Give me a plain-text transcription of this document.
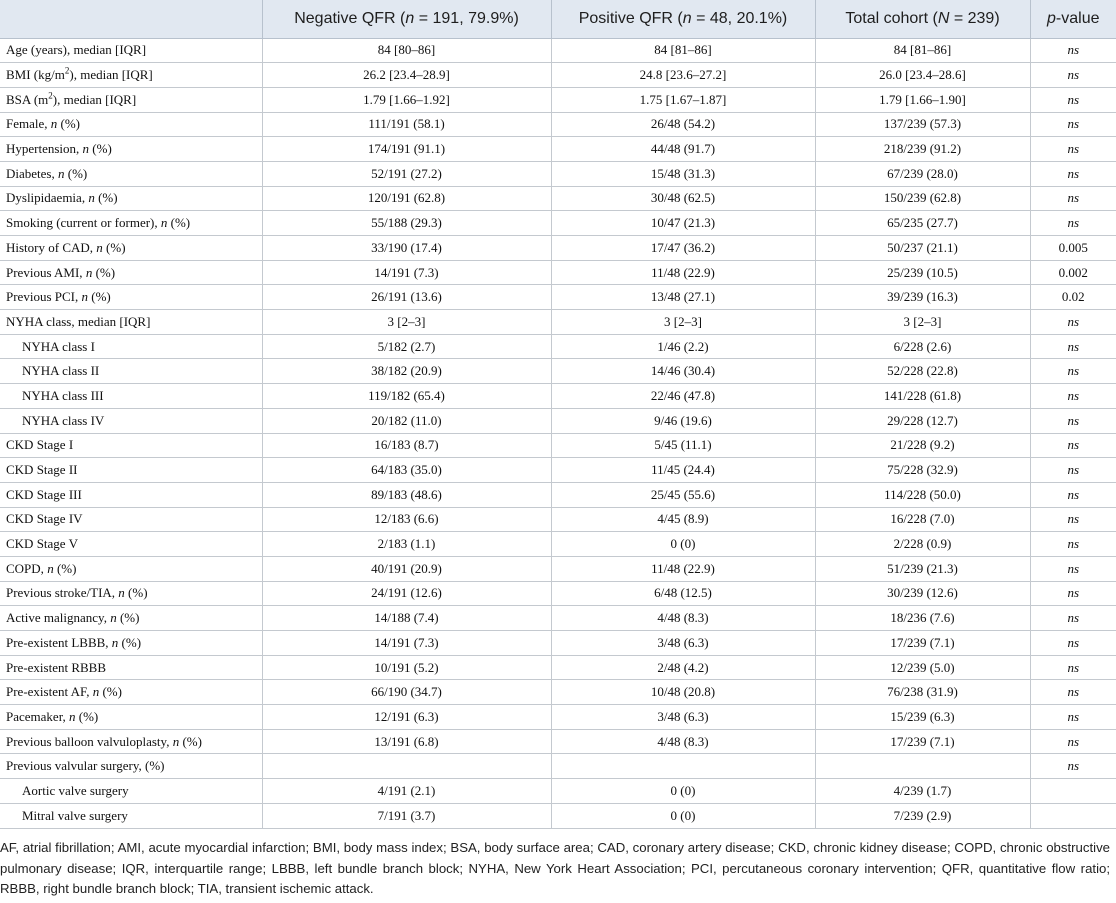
	Negative QFR (n = 191, 79.9%)	Positive QFR (n = 48, 20.1%)	Total cohort (N = 239)	p-value
Age (years), median [IQR]	84 [80–86]	84 [81–86]	84 [81–86]	ns
BMI $(kg/m^2)$, median [IQR]	26.2 [23.4–28.9]	24.8 [23.6–27.2]	26.0 [23.4–28.6]	ns
BSA $(m^2)$, median [IQR]	1.79 [1.66–1.92]	1.75 [1.67–1.87]	1.79 [1.66–1.90]	ns
Female, n (%)	111/191 (58.1)	26/48 (54.2)	137/239 (57.3)	ns
Hypertension, n (%)	174/191 (91.1)	44/48 (91.7)	218/239 (91.2)	ns
Diabetes, n (%)	52/191 (27.2)	15/48 (31.3)	67/239 (28.0)	ns
Dyslipidaemia, n (%)	120/191 (62.8)	30/48 (62.5)	150/239 (62.8)	ns
Smoking (current or former), n (%)	55/188 (29.3)	10/47 (21.3)	65/235 (27.7)	ns
History of CAD, n (%)	33/190 (17.4)	17/47 (36.2)	50/237 (21.1)	0.005
Previous AMI, n (%)	14/191 (7.3)	11/48 (22.9)	25/239 (10.5)	0.002
Previous PCI, n (%)	26/191 (13.6)	13/48 (27.1)	39/239 (16.3)	0.02
NYHA class, median [IQR]	3 [2–3]	3 [2–3]	3 [2–3]	ns
NYHA class I	5/182 (2.7)	1/46 (2.2)	6/228 (2.6)	ns
NYHA class II	38/182 (20.9)	14/46 (30.4)	52/228 (22.8)	ns
NYHA class III	119/182 (65.4)	22/46 (47.8)	141/228 (61.8)	ns
NYHA class IV	20/182 (11.0)	9/46 (19.6)	29/228 (12.7)	ns
CKD Stage I	16/183 (8.7)	5/45 (11.1)	21/228 (9.2)	ns
CKD Stage II	64/183 (35.0)	11/45 (24.4)	75/228 (32.9)	ns
CKD Stage III	89/183 (48.6)	25/45 (55.6)	114/228 (50.0)	ns
CKD Stage IV	12/183 (6.6)	4/45 (8.9)	16/228 (7.0)	ns
CKD Stage V	2/183 (1.1)	0 (0)	2/228 (0.9)	ns
COPD, n (%)	40/191 (20.9)	11/48 (22.9)	51/239 (21.3)	ns
Previous stroke/TIA, n (%)	24/191 (12.6)	6/48 (12.5)	30/239 (12.6)	ns
Active malignancy, n (%)	14/188 (7.4)	4/48 (8.3)	18/236 (7.6)	ns
Pre-existent LBBB, n (%)	14/191 (7.3)	3/48 (6.3)	17/239 (7.1)	ns
Pre-existent RBBB	10/191 (5.2)	2/48 (4.2)	12/239 (5.0)	ns
Pre-existent AF, n (%)	66/190 (34.7)	10/48 (20.8)	76/238 (31.9)	ns
Pacemaker, n (%)	12/191 (6.3)	3/48 (6.3)	15/239 (6.3)	ns
Previous balloon valvuloplasty, n (%)	13/191 (6.8)	4/48 (8.3)	17/239 (7.1)	ns
Previous valvular surgery, (%)				ns
Aortic valve surgery	4/191 (2.1)	0 (0)	4/239 (1.7)	
Mitral valve surgery	7/191 (3.7)	0 (0)	7/239 (2.9)	

AF, atrial fibrillation; AMI, acute myocardial infarction; BMI, body mass index; BSA, body surface area; CAD, coronary artery disease; CKD, chronic kidney disease; COPD, chronic obstructive pulmonary disease; IQR, interquartile range; LBBB, left bundle branch block; NYHA, New York Heart Association; PCI, percutaneous coronary intervention; QFR, quantitative flow ratio; RBBB, right bundle branch block; TIA, transient ischemic attack.
